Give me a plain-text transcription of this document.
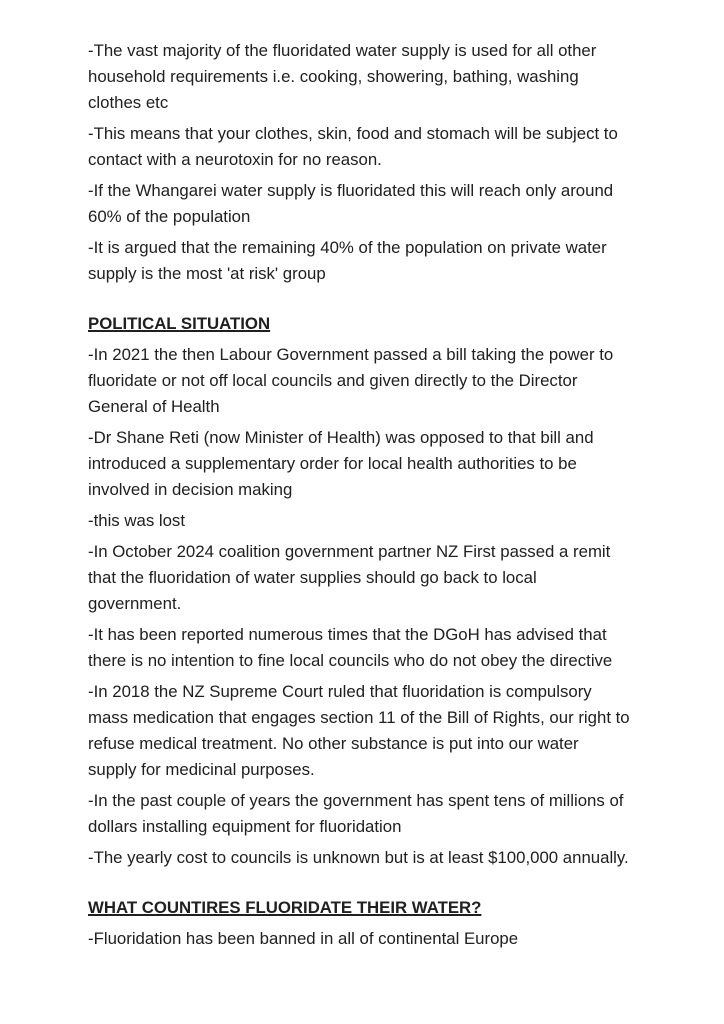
-The vast majority of the fluoridated water supply is used for all other household requirements i.e. cooking, showering, bathing, washing clothes etc

-This means that your clothes, skin, food and stomach will be subject to contact with a neurotoxin for no reason.

-If the Whangarei water supply is fluoridated this will reach only around 60% of the population

-It is argued that the remaining 40% of the population on private water supply is the most 'at risk' group

POLITICAL SITUATION

-In 2021 the then Labour Government passed a bill taking the power to fluoridate or not off local councils and given directly to the Director General of Health

-Dr Shane Reti (now Minister of Health) was opposed to that bill and introduced a supplementary order for local health authorities to be involved in decision making

-this was lost

-In October 2024 coalition government partner NZ First passed a remit that the fluoridation of water supplies should go back to local government.

-It has been reported numerous times that the DGoH has advised that there is no intention to fine local councils who do not obey the directive

-In 2018 the NZ Supreme Court ruled that fluoridation is compulsory mass medication that engages section 11 of the Bill of Rights, our right to refuse medical treatment. No other substance is put into our water supply for medicinal purposes.

-In the past couple of years the government has spent tens of millions of dollars installing equipment for fluoridation

-The yearly cost to councils is unknown but is at least $100,000 annually.

WHAT COUNTIRES FLUORIDATE THEIR WATER?

-Fluoridation has been banned in all of continental Europe
